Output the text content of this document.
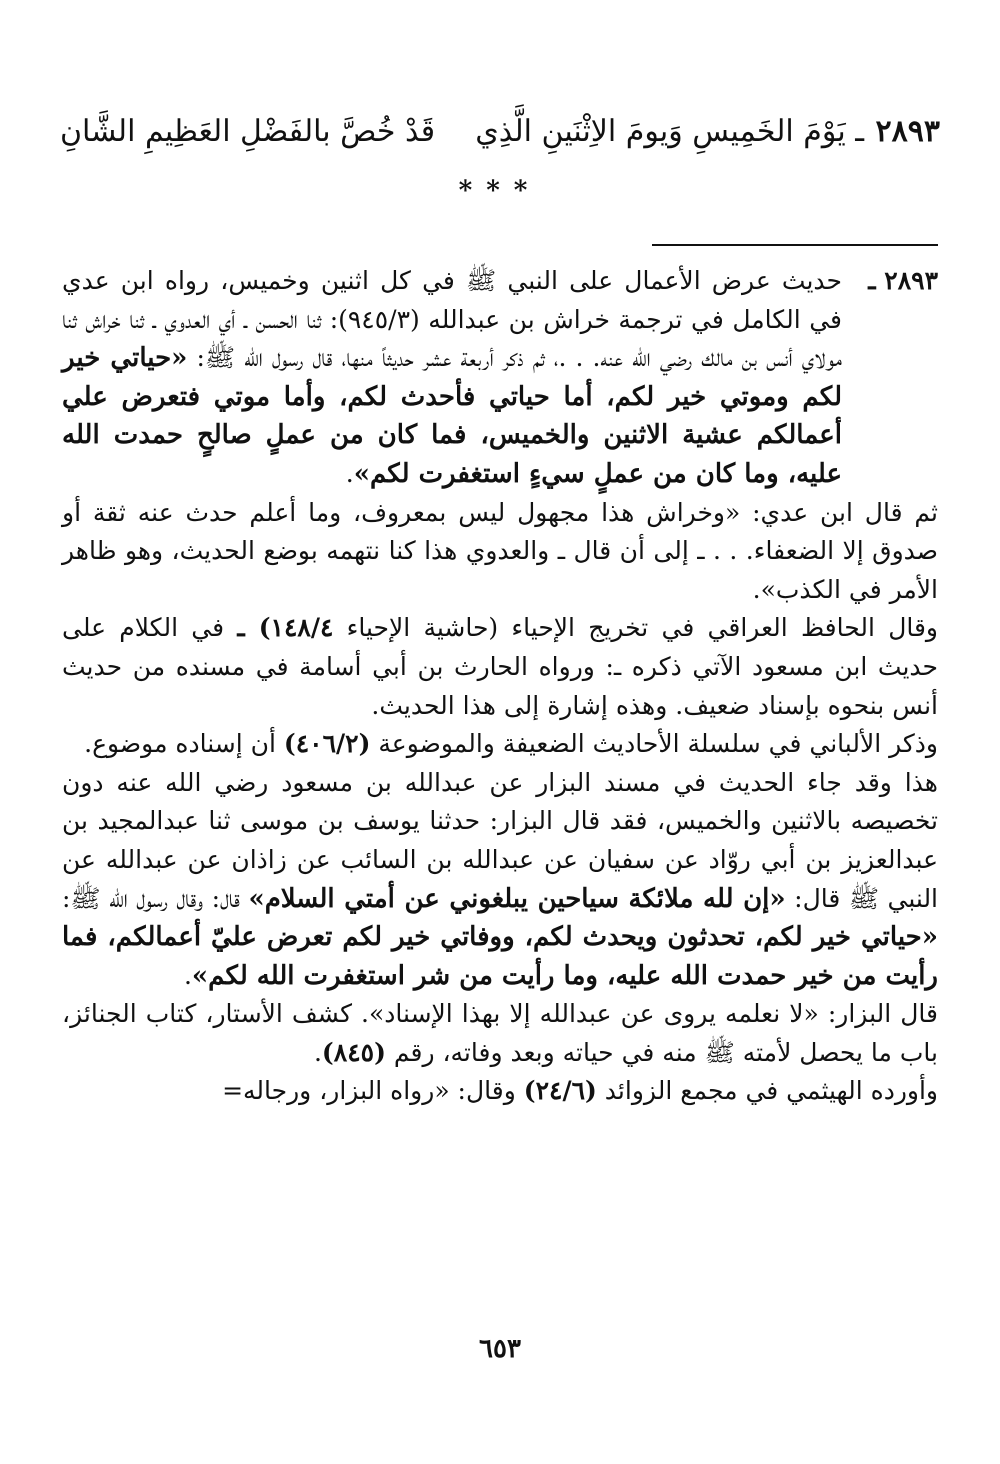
٢٨٩٣
ـ يَوْمَ الخَمِيسِ وَيومَ الاِثْنَينِ الَّذِي
قَدْ خُصَّ بالفَضْلِ العَظِيمِ الشَّانِ
***
٢٨٩٣ ـ

حديث عرض الأعمال على النبي ﷺ في كل اثنين وخميس، رواه ابن عدي في الكامل في ترجمة خراش بن عبدالله (٩٤٥/٣): ثنا الحسن ـ أي العدوي ـ ثنا خراش ثنا مولاي أنس بن مالك رضي الله عنه. . .، ثم ذكر أربعة عشر حديثاً منها، قال رسول الله ﷺ: «حياتي خير لكم وموتي خير لكم، أما حياتي فأحدث لكم، وأما موتي فتعرض علي أعمالكم عشية الاثنين والخميس، فما كان من عملٍ صالحٍ حمدت الله عليه، وما كان من عملٍ سيءٍ استغفرت لكم».

ثم قال ابن عدي: «وخراش هذا مجهول ليس بمعروف، وما أعلم حدث عنه ثقة أو صدوق إلا الضعفاء. . . ـ إلى أن قال ـ والعدوي هذا كنا نتهمه بوضع الحديث، وهو ظاهر الأمر في الكذب».

وقال الحافظ العراقي في تخريج الإحياء (حاشية الإحياء ١٤٨/٤) ـ في الكلام على حديث ابن مسعود الآتي ذكره ـ: ورواه الحارث بن أبي أسامة في مسنده من حديث أنس بنحوه بإسناد ضعيف. وهذه إشارة إلى هذا الحديث.

وذكر الألباني في سلسلة الأحاديث الضعيفة والموضوعة (٤٠٦/٢) أن إسناده موضوع.

هذا وقد جاء الحديث في مسند البزار عن عبدالله بن مسعود رضي الله عنه دون تخصيصه بالاثنين والخميس، فقد قال البزار: حدثنا يوسف بن موسى ثنا عبدالمجيد بن عبدالعزيز بن أبي روّاد عن سفيان عن عبدالله بن السائب عن زاذان عن عبدالله عن النبي ﷺ قال: «إن لله ملائكة سياحين يبلغوني عن أمتي السلام» قال: وقال رسول الله ﷺ: «حياتي خير لكم، تحدثون ويحدث لكم، ووفاتي خير لكم تعرض عليّ أعمالكم، فما رأيت من خير حمدت الله عليه، وما رأيت من شر استغفرت الله لكم».

قال البزار: «لا نعلمه يروى عن عبدالله إلا بهذا الإسناد». كشف الأستار، كتاب الجنائز، باب ما يحصل لأمته ﷺ منه في حياته وبعد وفاته، رقم (٨٤٥).

وأورده الهيثمي في مجمع الزوائد (٢٤/٦) وقال: «رواه البزار، ورجاله=

٦٥٣
